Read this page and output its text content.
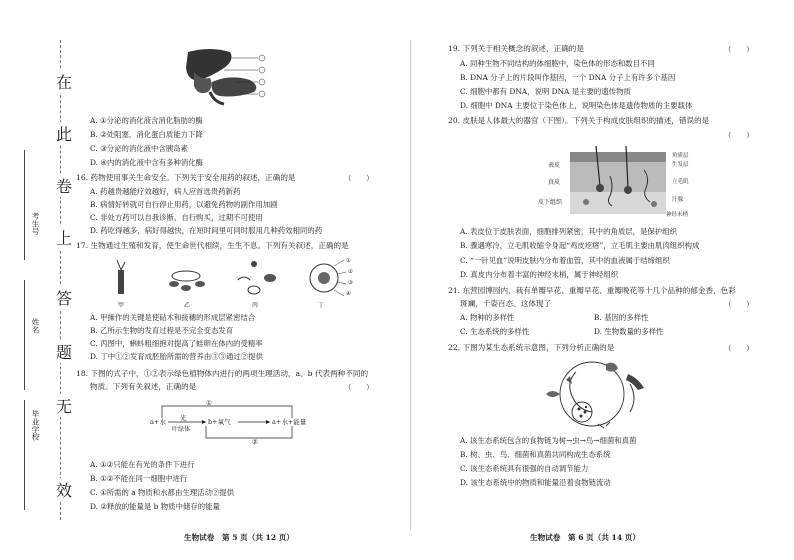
在
此
卷
上
答
题
无
效
考生号
姓名
毕业学校
A. ①分泌的消化液含消化脂肪的酶
B. ②处阻塞，消化蛋白质能力下降
C. ③分泌的消化液中含胰岛素
D. ④内的消化液中含有多种消化酶
16. 药物使用事关生命安全。下列关于安全用药的叙述，正确的是	（　　）
A. 药越贵越能疗效越好，病人应首选贵药新药
B. 病情好转就可自行停止用药，以避免药物的副作用加剧
C. 非处方药可以自我诊断、自行购买，过期不可使用
D. 药吃得越多，病好得越快，在短时间里可同时服用几种药效相同的药
17. 生物通过生殖和发育，使生命世代相续，生生不息。下列有关叙述，正确的是
甲	乙	丙	丁
①
②
③
④
A. 甲操作的关键是使砧木和接穗的形成层紧密结合
B. 乙所示生物的发育过程是不完全变态发育
C. 丙图中，蝌蚪粗细抱对提高了蛙卵在体内的受精率
D. 丁中①②发育成胚胎所需的营养由③③通过②提供
18. 下图的式子中，①②表示绿色植物体内进行的两项生理活动，a、b 代表两种不同的
物质。下列有关叙述，正确的是	（　　）
①
②
a+水 光
叶绿体
b+氧气	a+水+能量
A. ①②只能在有光的条件下进行
B. ①②不能在同一细胞中进行
C. ①所需的 a 物质和水都由生理活动②提供
D. ②释放的能量是 b 物质中储存的能量
生物试卷　第 5 页（共 12 页）
19. 下列关于相关概念的叙述，正确的是	（　　）
A. 同种生物不同结构的体细胞中，染色体的形态和数目不同
B. DNA 分子上的片段叫作基因，一个 DNA 分子上有许多个基因
C. 细胞中都有 DNA，说明 DNA 是主要的遗传物质
D. 细胞中 DNA 主要位于染色体上，说明染色体是遗传物质的主要载体
20. 皮肤是人体最大的器官（下图）。下列关于构成皮肤组织的描述，错误的是
（　　）
表皮
真皮
皮下组织
角质层
生发层
立毛肌
汗腺
神经末梢
A. 表皮位于皮肤表面，细胞排列紧密，其中的角质层，是保护组织
B. 骤遇寒冷，立毛肌收缩令身起“鸡皮疙瘩”，立毛肌主要由肌肉组织构成
C. “一针见血”说明皮肤内分布着血管，其中的血液属于结缔组织
D. 真皮内分布着丰富的神经末梢，属于神经组织
21. 东营园博园内，栽有单瓣早花、重瓣早花、重瓣晚花等十几个品种的郁金香，色彩
斑斓，千姿百态。这体现了	（　　）
A. 物种的多样性	B. 基因的多样性
C. 生态系统的多样性	D. 生物数量的多样性
22. 下图为某生态系统示意图，下列分析正确的是	（　　）
A. 该生态系统包含的食物链为树→虫→鸟→细菌和真菌
B. 树、虫、鸟、细菌和真菌共同构成生态系统
C. 该生态系统具有很强的自动调节能力
D. 该生态系统中的物质和能量沿着食物链流动
生物试卷　第 6 页（共 14 页）
